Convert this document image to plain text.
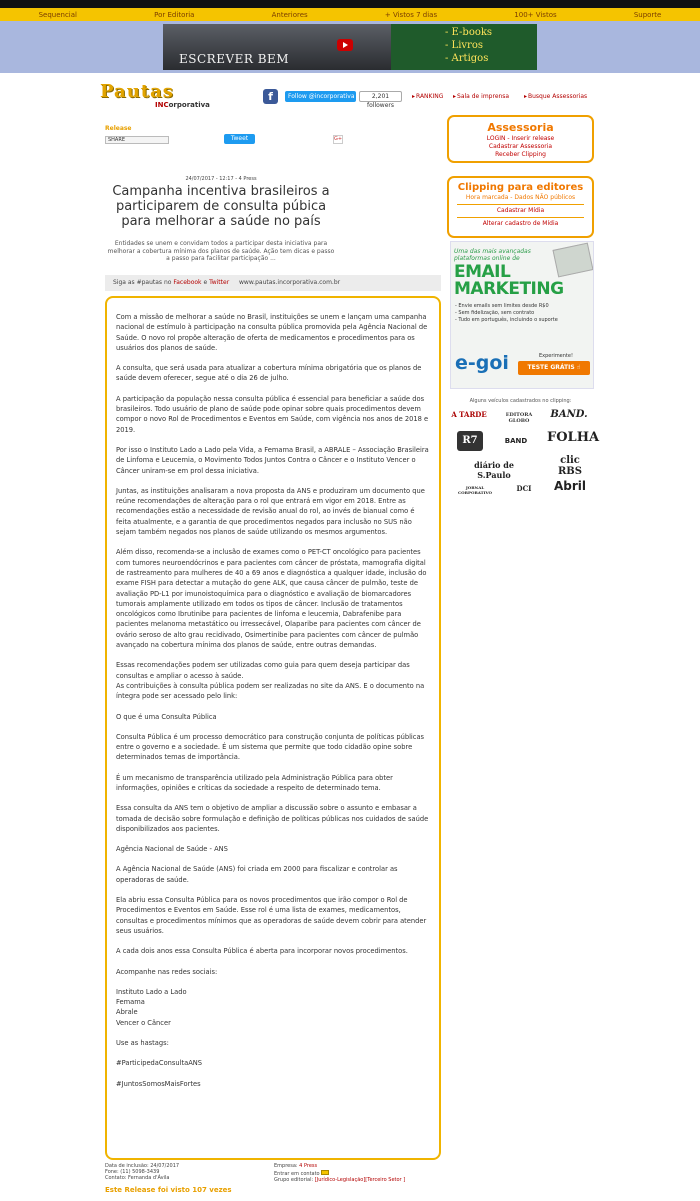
Sequencial	Por Editoria	Anteriores	+ Vistos 7 dias	100+ Vistos	Suporte
ESCREVER BEM
- E-books
- Livros
- Artigos
Pautas
INCorporativa
f	Follow @incorporativa	2,201 followers
▸ RANKING	▸ Sala de imprensa	▸ Busque Assessorias
Release
SHARE	Tweet	G+
24/07/2017 - 12:17 - 4 Press
Campanha incentiva brasileiros a participarem de consulta púbica para melhorar a saúde no país
Entidades se unem e convidam todos a participar desta iniciativa para melhorar a cobertura mínima dos planos de saúde. Ação tem dicas e passo a passo para facilitar participação ...
Siga as #pautas no Facebook e Twitter www.pautas.incorporativa.com.br

Com a missão de melhorar a saúde no Brasil, instituições se unem e lançam uma campanha nacional de estímulo à participação na consulta pública promovida pela Agência Nacional de Saúde. O novo rol propõe alteração de oferta de medicamentos e procedimentos para os usuários dos planos de saúde.

A consulta, que será usada para atualizar a cobertura mínima obrigatória que os planos de saúde devem oferecer, segue até o dia 26 de julho.

A participação da população nessa consulta pública é essencial para beneficiar a saúde dos brasileiros. Todo usuário de plano de saúde pode opinar sobre quais procedimentos devem compor o novo Rol de Procedimentos e Eventos em Saúde, com vigência nos anos de 2018 e 2019.

Por isso o Instituto Lado a Lado pela Vida, a Femama Brasil, a ABRALE – Associação Brasileira de Linfoma e Leucemia, o Movimento Todos Juntos Contra o Câncer e o Instituto Vencer o Câncer uniram-se em prol dessa iniciativa.

Juntas, as instituições analisaram a nova proposta da ANS e produziram um documento que reúne recomendações de alteração para o rol que entrará em vigor em 2018. Entre as recomendações estão a necessidade de revisão anual do rol, ao invés de bianual como é feita atualmente, e a garantia de que procedimentos negados para inclusão no SUS não sejam também negados nos planos de saúde utilizando os mesmos argumentos.

Além disso, recomenda-se a inclusão de exames como o PET-CT oncológico para pacientes com tumores neuroendócrinos e para pacientes com câncer de próstata, mamografia digital de rastreamento para mulheres de 40 a 69 anos e diagnóstica a qualquer idade, inclusão do exame FISH para detectar a mutação do gene ALK, que causa câncer de pulmão, teste de avaliação PD-L1 por imunoistoquímica para o diagnóstico e avaliação de biomarcadores tumorais amplamente utilizado em todos os tipos de câncer. Inclusão de tratamentos oncológicos como Ibrutinibe para pacientes de linfoma e leucemia, Dabrafenibe para pacientes melanoma metastático ou irressecável, Olaparibe para pacientes com câncer de ovário seroso de alto grau recidivado, Osimertinibe para pacientes com câncer de pulmão avançado na cobertura mínima dos planos de saúde, entre outras demandas.

Essas recomendações podem ser utilizadas como guia para quem deseja participar das consultas e ampliar o acesso à saúde.
As contribuições à consulta pública podem ser realizadas no site da ANS. E o documento na íntegra pode ser acessado pelo link:

O que é uma Consulta Pública

Consulta Pública é um processo democrático para construção conjunta de políticas públicas entre o governo e a sociedade. É um sistema que permite que todo cidadão opine sobre determinados temas de importância.

É um mecanismo de transparência utilizado pela Administração Pública para obter informações, opiniões e críticas da sociedade a respeito de determinado tema.

Essa consulta da ANS tem o objetivo de ampliar a discussão sobre o assunto e embasar a tomada de decisão sobre formulação e definição de políticas públicas nos cuidados de saúde disponibilizados aos pacientes.

Agência Nacional de Saúde - ANS

A Agência Nacional de Saúde (ANS) foi criada em 2000 para fiscalizar e controlar as operadoras de saúde.

Ela abriu essa Consulta Pública para os novos procedimentos que irão compor o Rol de Procedimentos e Eventos em Saúde. Esse rol é uma lista de exames, medicamentos, consultas e procedimentos mínimos que as operadoras de saúde devem cobrir para atender seus usuários.

A cada dois anos essa Consulta Pública é aberta para incorporar novos procedimentos.

Acompanhe nas redes sociais:

Instituto Lado a Lado
Femama
Abrale
Vencer o Câncer

Use as hastags:

#ParticipedaConsultaANS

#JuntosSomosMaisFortes

Data de inclusão: 24/07/2017
Fone: (11) 5098-3439
Contato: Fernanda d'Ávila
Empresa: 4 Press
Entrar em contato
Grupo editorial: [Jurídico-Legislação][Terceiro Setor ]
Este Release foi visto 107 vezes
Assessoria
LOGIN - Inserir release
Cadastrar Assessoria
Receber Clipping
Clipping para editores
Hora marcada - Dados NÃO públicos
Cadastrar Mídia
Alterar cadastro de Mídia
Uma das mais avançadas plataformas online de
EMAIL
MARKETING
- Envie emails sem limites desde R$0
- Sem fidelização, sem contrato
- Tudo em português, incluindo o suporte
e-goi	Experimente!
TESTE GRÁTIS ☝
Alguns veículos cadastrados no clipping:
A TARDE	EDITORA GLOBO
BAND.
R7	BAND FOLHA
diário de S.Paulo
clic RBS
JORNAL CORPORATIVO	DCI	Abril
